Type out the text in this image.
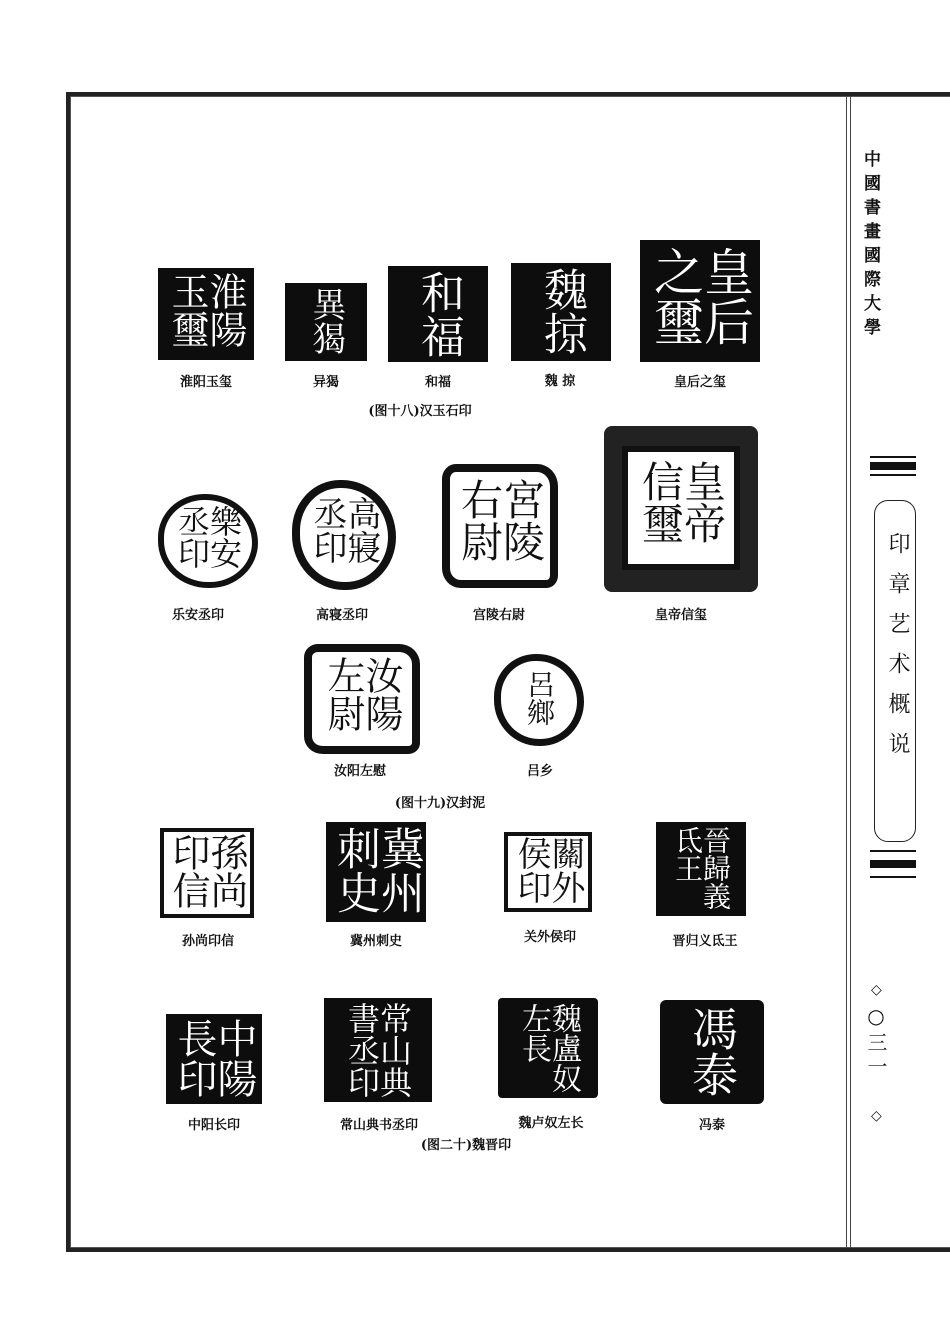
中國書畫國際大學
印章艺术概说
◇
○三一
◇
淮陽玉璽
淮阳玉玺
異猲
异猲
和福
和福
魏掠
魏 掠
皇后之璽
皇后之玺
(图十八)汉玉石印
樂安丞印
乐安丞印
高寢丞印
高寝丞印
宮陵右尉
宫陵右尉
皇帝信璽
皇帝信玺
汝陽左尉
汝阳左慰
呂鄉
吕乡
(图十九)汉封泥
孫尚印信
孙尚印信
冀州刺史
冀州刺史
關外侯印
关外侯印
晉歸義氐王
晋归义氐王
中陽長印
中阳长印
常山典書丞印
常山典书丞印
魏盧奴左長
魏卢奴左长
馮泰
冯泰
(图二十)魏晋印
